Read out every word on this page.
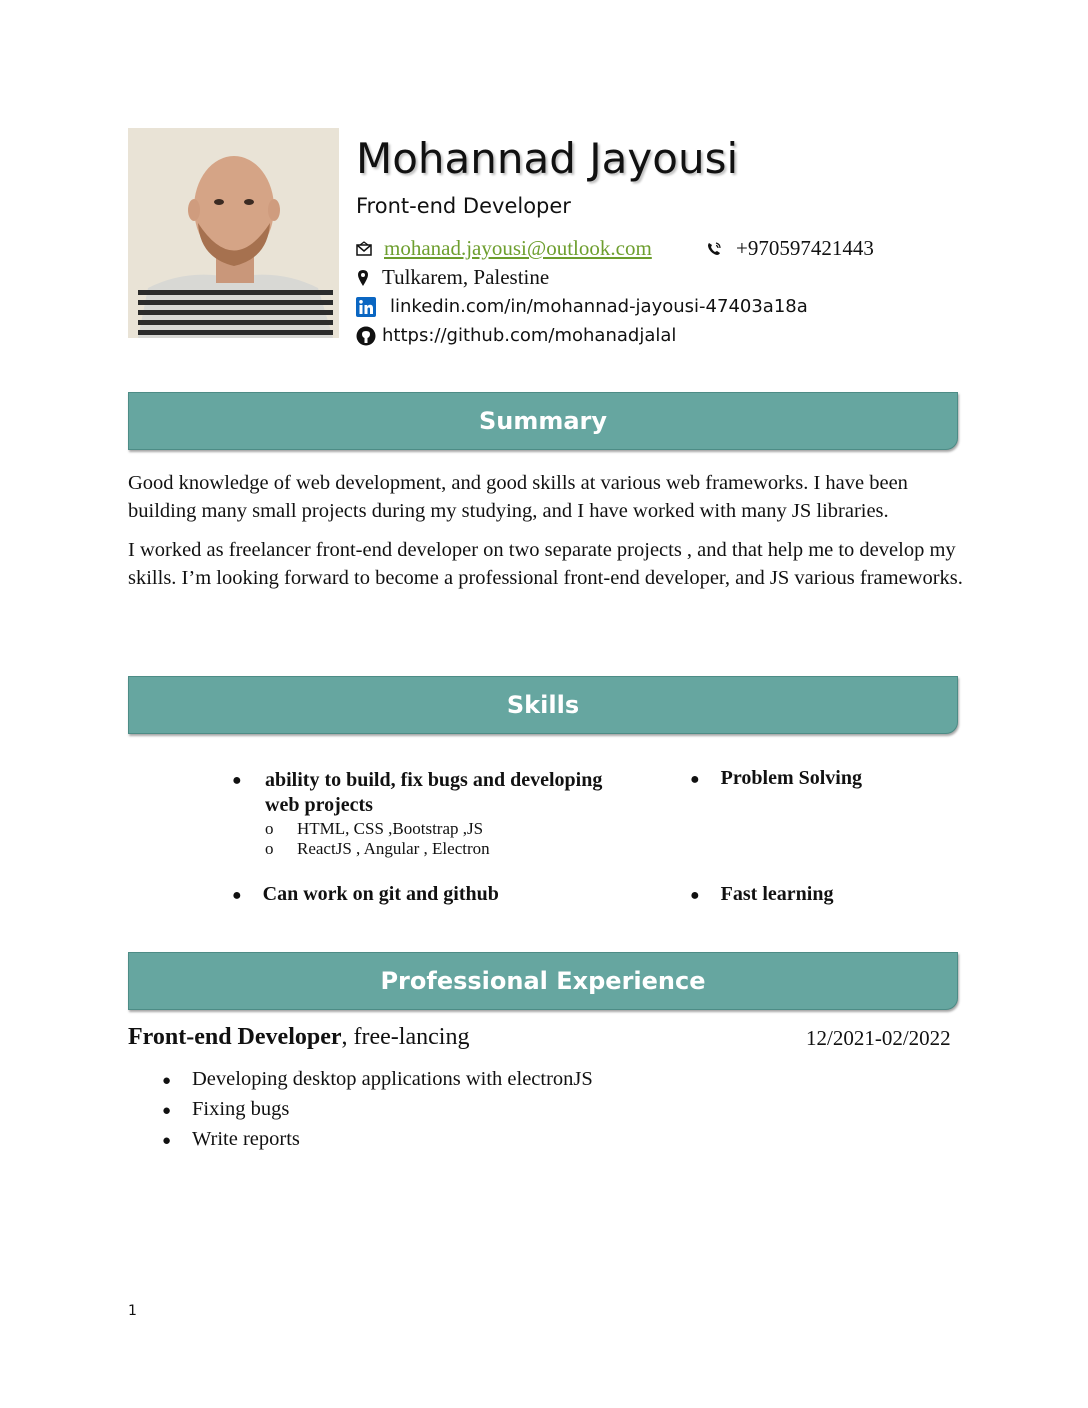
Mohannad Jayousi
Front-end Developer
mohanad.jayousi@outlook.com	+970597421443
Tulkarem, Palestine
linkedin.com/in/mohannad-jayousi-47403a18a
https://github.com/mohanadjalal
Summary

Good knowledge of web development, and good skills at various web frameworks. I have been building many small projects during my studying, and I have worked with many JS libraries.

I worked as freelancer front-end developer on two separate projects , and that help me to develop my skills. I’m looking forward to become a professional front-end developer, and JS various frameworks.

Skills
● ability to build, fix bugs and developing web projects
o HTML, CSS ,Bootstrap ,JS
o ReactJS , Angular , Electron
● Problem Solving
● Can work on git and github	● Fast learning
Professional Experience
Front-end Developer, free-lancing	12/2021-02/2022
● Developing desktop applications with electronJS
● Fixing bugs
● Write reports
1
